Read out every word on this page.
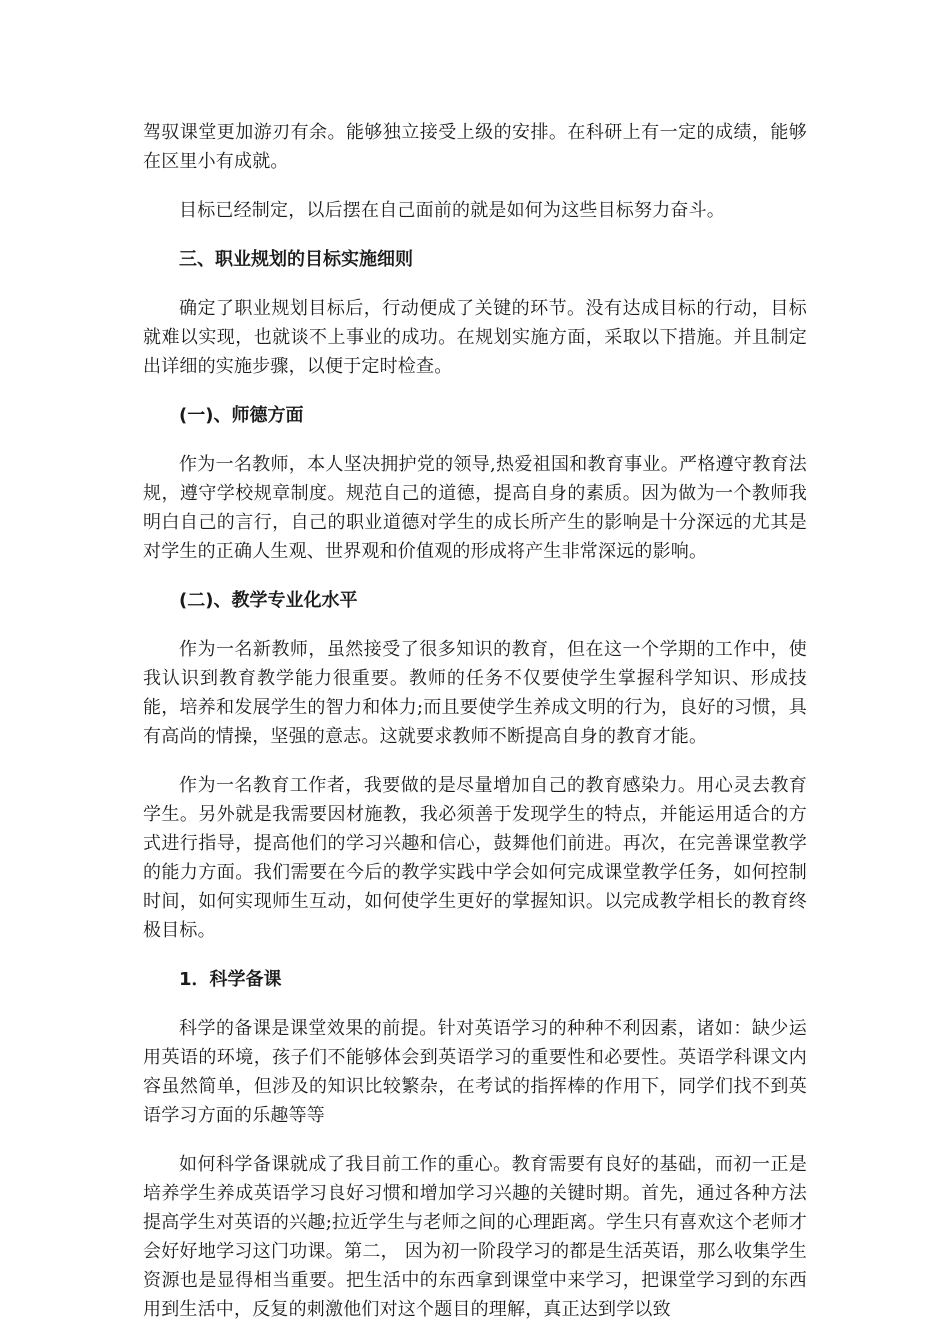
驾驭课堂更加游刃有余。能够独立接受上级的安排。在科研上有一定的成绩，能够在区里小有成就。

目标已经制定，以后摆在自己面前的就是如何为这些目标努力奋斗。

三、职业规划的目标实施细则

确定了职业规划目标后，行动便成了关键的环节。没有达成目标的行动，目标就难以实现，也就谈不上事业的成功。在规划实施方面，采取以下措施。并且制定出详细的实施步骤，以便于定时检查。

(一)、师德方面

作为一名教师，本人坚决拥护党的领导,热爱祖国和教育事业。严格遵守教育法规，遵守学校规章制度。规范自己的道德，提高自身的素质。因为做为一个教师我明白自己的言行，自己的职业道德对学生的成长所产生的影响是十分深远的尤其是对学生的正确人生观、世界观和价值观的形成将产生非常深远的影响。

(二)、教学专业化水平

作为一名新教师，虽然接受了很多知识的教育，但在这一个学期的工作中，使我认识到教育教学能力很重要。教师的任务不仅要使学生掌握科学知识、形成技能，培养和发展学生的智力和体力;而且要使学生养成文明的行为，良好的习惯，具有高尚的情操，坚强的意志。这就要求教师不断提高自身的教育才能。

作为一名教育工作者，我要做的是尽量增加自己的教育感染力。用心灵去教育学生。另外就是我需要因材施教，我必须善于发现学生的特点，并能运用适合的方式进行指导，提高他们的学习兴趣和信心，鼓舞他们前进。再次，在完善课堂教学的能力方面。我们需要在今后的教学实践中学会如何完成课堂教学任务，如何控制时间，如何实现师生互动，如何使学生更好的掌握知识。以完成教学相长的教育终极目标。

1．科学备课

科学的备课是课堂效果的前提。针对英语学习的种种不利因素，诸如：缺少运用英语的环境，孩子们不能够体会到英语学习的重要性和必要性。英语学科课文内容虽然简单，但涉及的知识比较繁杂，在考试的指挥棒的作用下，同学们找不到英语学习方面的乐趣等等

如何科学备课就成了我目前工作的重心。教育需要有良好的基础，而初一正是培养学生养成英语学习良好习惯和增加学习兴趣的关键时期。首先，通过各种方法提高学生对英语的兴趣;拉近学生与老师之间的心理距离。学生只有喜欢这个老师才会好好地学习这门功课。第二， 因为初一阶段学习的都是生活英语，那么收集学生资源也是显得相当重要。把生活中的东西拿到课堂中来学习，把课堂学习到的东西用到生活中，反复的刺激他们对这个题目的理解，真正达到学以致
